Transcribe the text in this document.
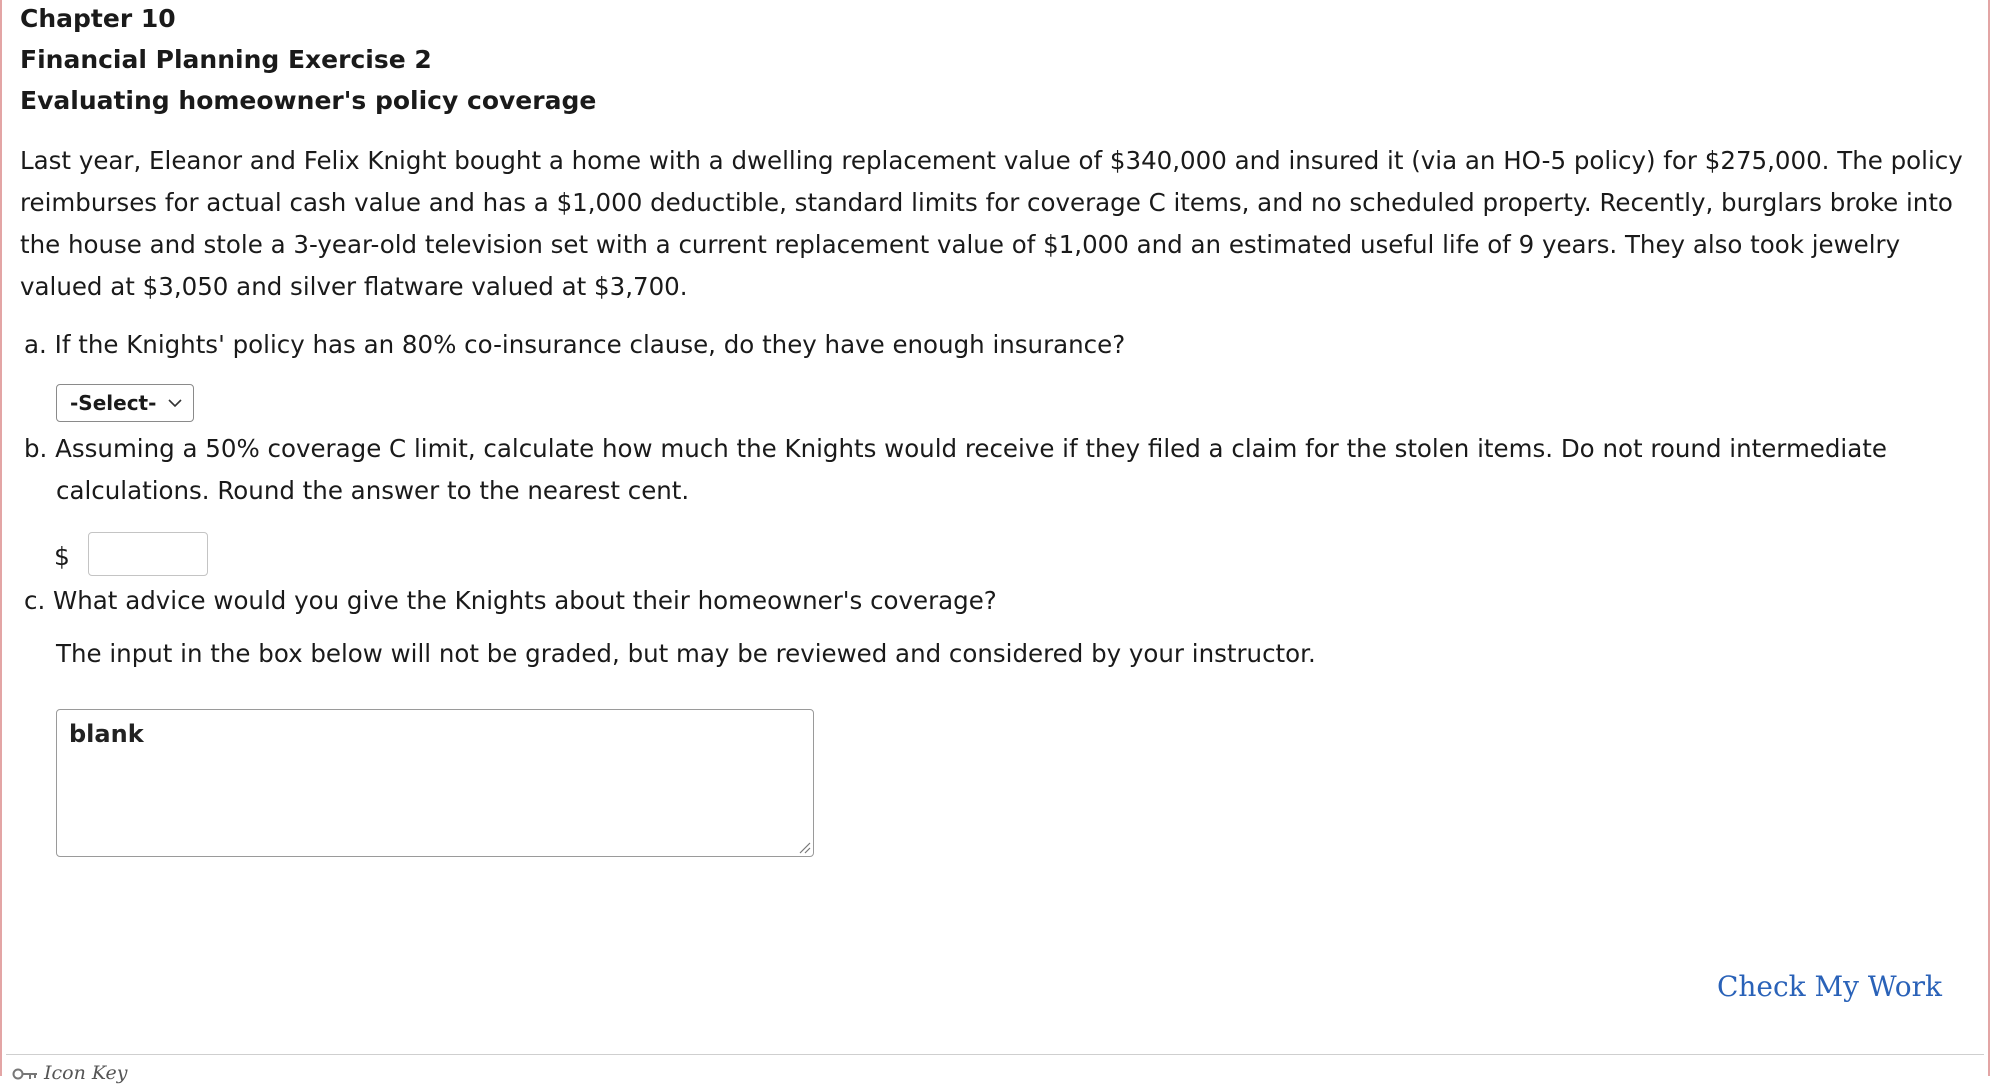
Chapter 10
Financial Planning Exercise 2
Evaluating homeowner's policy coverage
Last year, Eleanor and Felix Knight bought a home with a dwelling replacement value of $340,000 and insured it (via an HO-5 policy) for $275,000. The policy reimburses for actual cash value and has a $1,000 deductible, standard limits for coverage C items, and no scheduled property. Recently, burglars broke into the house and stole a 3-year-old television set with a current replacement value of $1,000 and an estimated useful life of 9 years. They also took jewelry valued at $3,050 and silver flatware valued at $3,700.
a. If the Knights' policy has an 80% co-insurance clause, do they have enough insurance?
-Select-
b. Assuming a 50% coverage C limit, calculate how much the Knights would receive if they filed a claim for the stolen items. Do not round intermediate calculations. Round the answer to the nearest cent.
$
c. What advice would you give the Knights about their homeowner's coverage?
The input in the box below will not be graded, but may be reviewed and considered by your instructor.
blank
Check My Work
Icon Key
